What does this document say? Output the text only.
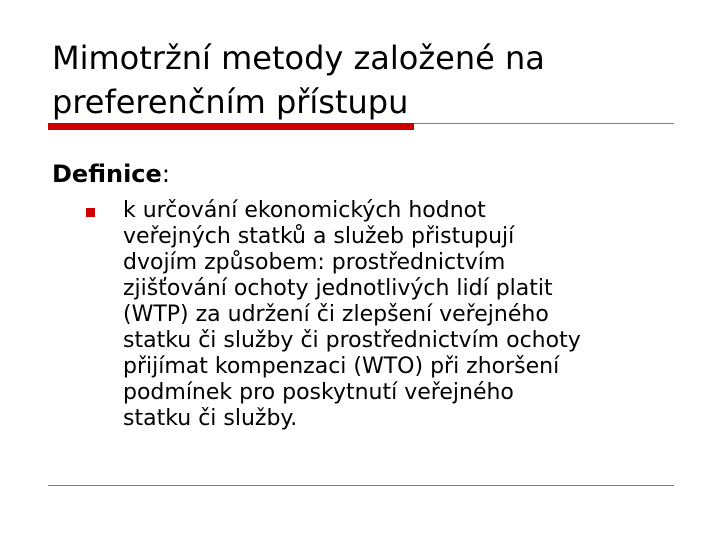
Mimotržní metody založené na
preferenčním přístupu

Definice:

k určování ekonomických hodnot
veřejných statků a služeb přistupují
dvojím způsobem: prostřednictvím
zjišťování ochoty jednotlivých lidí platit
(WTP) za udržení či zlepšení veřejného
statku či služby či prostřednictvím ochoty
přijímat kompenzaci (WTO) při zhoršení
podmínek pro poskytnutí veřejného
statku či služby.
